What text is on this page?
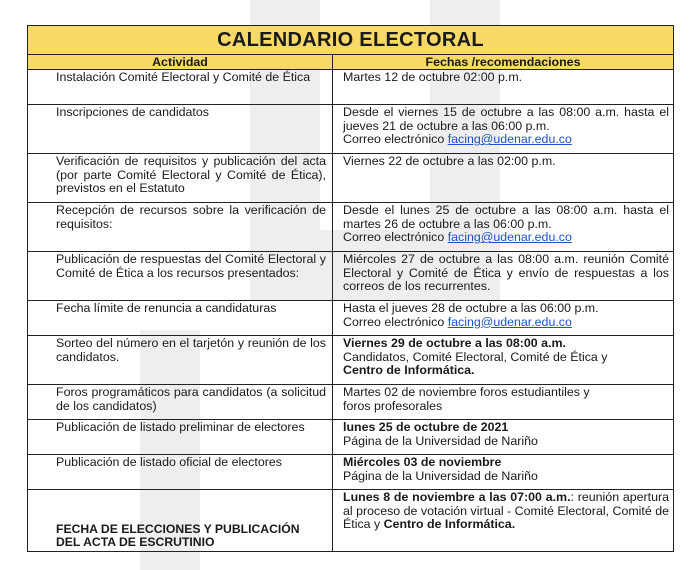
CALENDARIO ELECTORAL	
Actividad	Fechas /recomendaciones
Instalación Comité Electoral y Comité de Ética	Martes 12 de octubre 02:00 p.m.
Inscripciones de candidatos	Desde el viernes 15 de octubre a las 08:00 a.m. hasta el jueves 21 de octubre a las 06:00 p.m.
Correo electrónico facing@udenar.edu.co
Verificación de requisitos y publicación del acta (por parte Comité Electoral y Comité de Ética), previstos en el Estatuto	Viernes 22 de octubre a las 02:00 p.m.
Recepción de recursos sobre la verificación de requisitos:	Desde el lunes 25 de octubre a las 08:00 a.m. hasta el martes 26 de octubre a las 06:00 p.m.
Correo electrónico facing@udenar.edu.co
Publicación de respuestas del Comité Electoral y Comité de Ética a los recursos presentados:	Miércoles 27 de octubre a las 08:00 a.m. reunión Comité Electoral y Comité de Ética y envío de respuestas a los correos de los recurrentes.
Fecha límite de renuncia a candidaturas	Hasta el jueves 28 de octubre a las 06:00 p.m.
Correo electrónico facing@udenar.edu.co
Sorteo del número en el tarjetón y reunión de los candidatos.	Viernes 29 de octubre a las 08:00 a.m.
Candidatos, Comité Electoral, Comité de Ética y
Centro de Informática.
Foros programáticos para candidatos (a solicitud de los candidatos)	Martes 02 de noviembre foros estudiantiles y
foros profesorales
Publicación de listado preliminar de electores	lunes 25 de octubre de 2021
Página de la Universidad de Nariño
Publicación de listado oficial de electores	Miércoles 03 de noviembre
Página de la Universidad de Nariño
FECHA DE ELECCIONES Y PUBLICACIÓN DEL ACTA DE ESCRUTINIO	Lunes 8 de noviembre a las 07:00 a.m.: reunión apertura al proceso de votación virtual - Comité Electoral, Comité de Ética y Centro de Informática.
